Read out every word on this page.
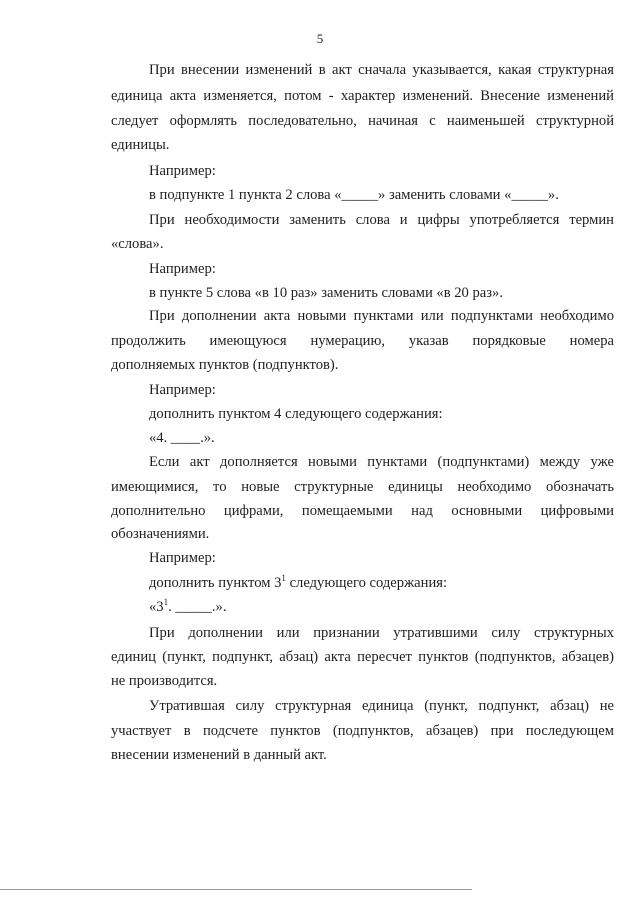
5
При внесении изменений в акт сначала указывается, какая структурная
единица акта изменяется, потом - характер изменений. Внесение изменений
следует оформлять последовательно, начиная с наименьшей структурной
единицы.
Например:
в подпункте 1 пункта 2 слова «_____» заменить словами «_____».
При необходимости заменить слова и цифры употребляется термин
«слова».
Например:
в пункте 5 слова «в 10 раз» заменить словами «в 20 раз».
При дополнении акта новыми пунктами или подпунктами необходимо
продолжить имеющуюся нумерацию, указав порядковые номера
дополняемых пунктов (подпунктов).
Например:
дополнить пунктом 4 следующего содержания:
«4. ____.».
Если акт дополняется новыми пунктами (подпунктами) между уже
имеющимися, то новые структурные единицы необходимо обозначать
дополнительно цифрами, помещаемыми над основными цифровыми
обозначениями.
Например:
дополнить пунктом $3^1$ следующего содержания:
«$3^1$. _____.».
При дополнении или признании утратившими силу структурных
единиц (пункт, подпункт, абзац) акта пересчет пунктов (подпунктов, абзацев)
не производится.
Утратившая силу структурная единица (пункт, подпункт, абзац) не
участвует в подсчете пунктов (подпунктов, абзацев) при последующем
внесении изменений в данный акт.
